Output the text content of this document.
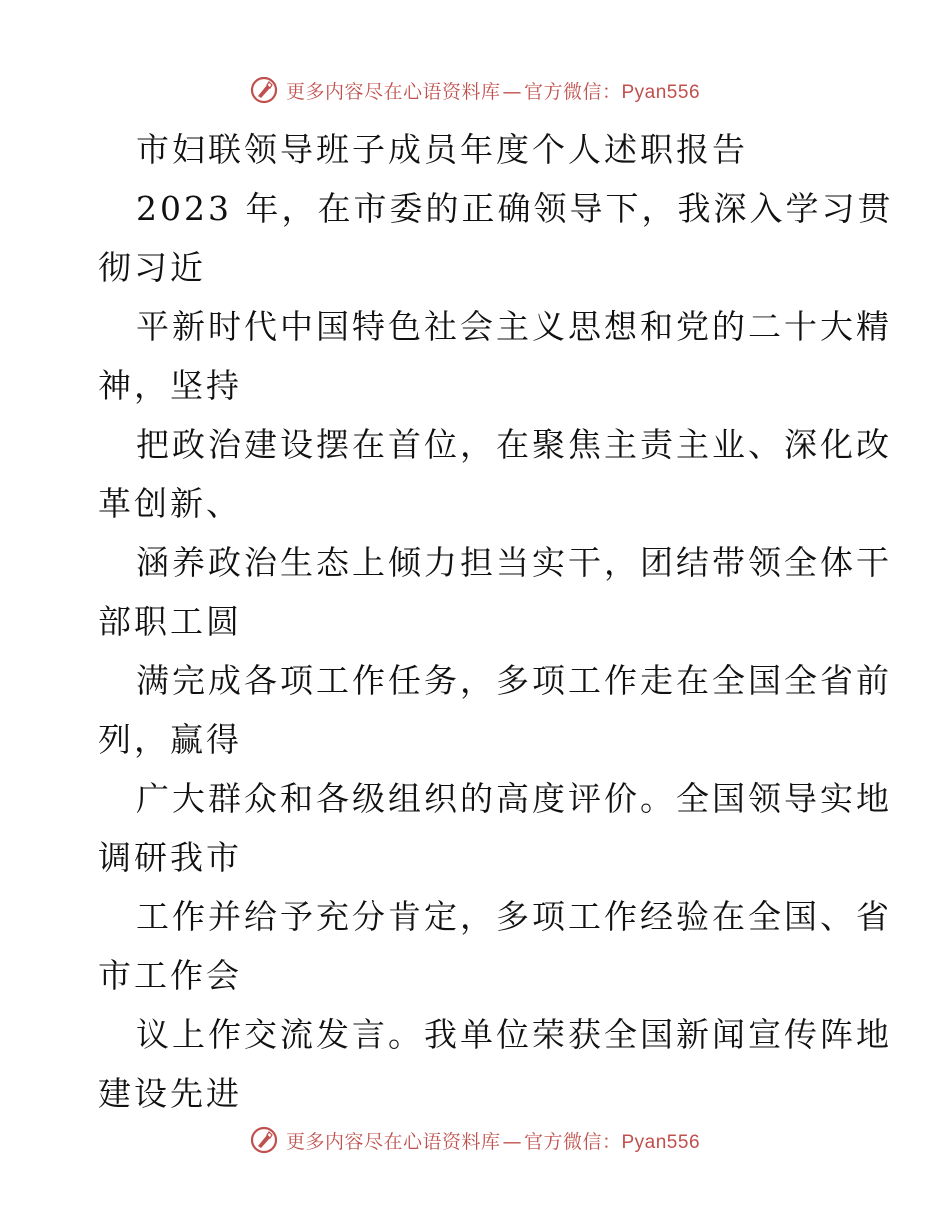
更多内容尽在心语资料库 — 官方微信：Pyan556
市妇联领导班子成员年度个人述职报告
2023 年，在市委的正确领导下，我深入学习贯
彻习近
平新时代中国特色社会主义思想和党的二十大精
神，坚持
把政治建设摆在首位，在聚焦主责主业、深化改
革创新、
涵养政治生态上倾力担当实干，团结带领全体干
部职工圆
满完成各项工作任务，多项工作走在全国全省前
列，赢得
广大群众和各级组织的高度评价。全国领导实地
调研我市
工作并给予充分肯定，多项工作经验在全国、省
市工作会
议上作交流发言。我单位荣获全国新闻宣传阵地
建设先进
更多内容尽在心语资料库 — 官方微信：Pyan556
